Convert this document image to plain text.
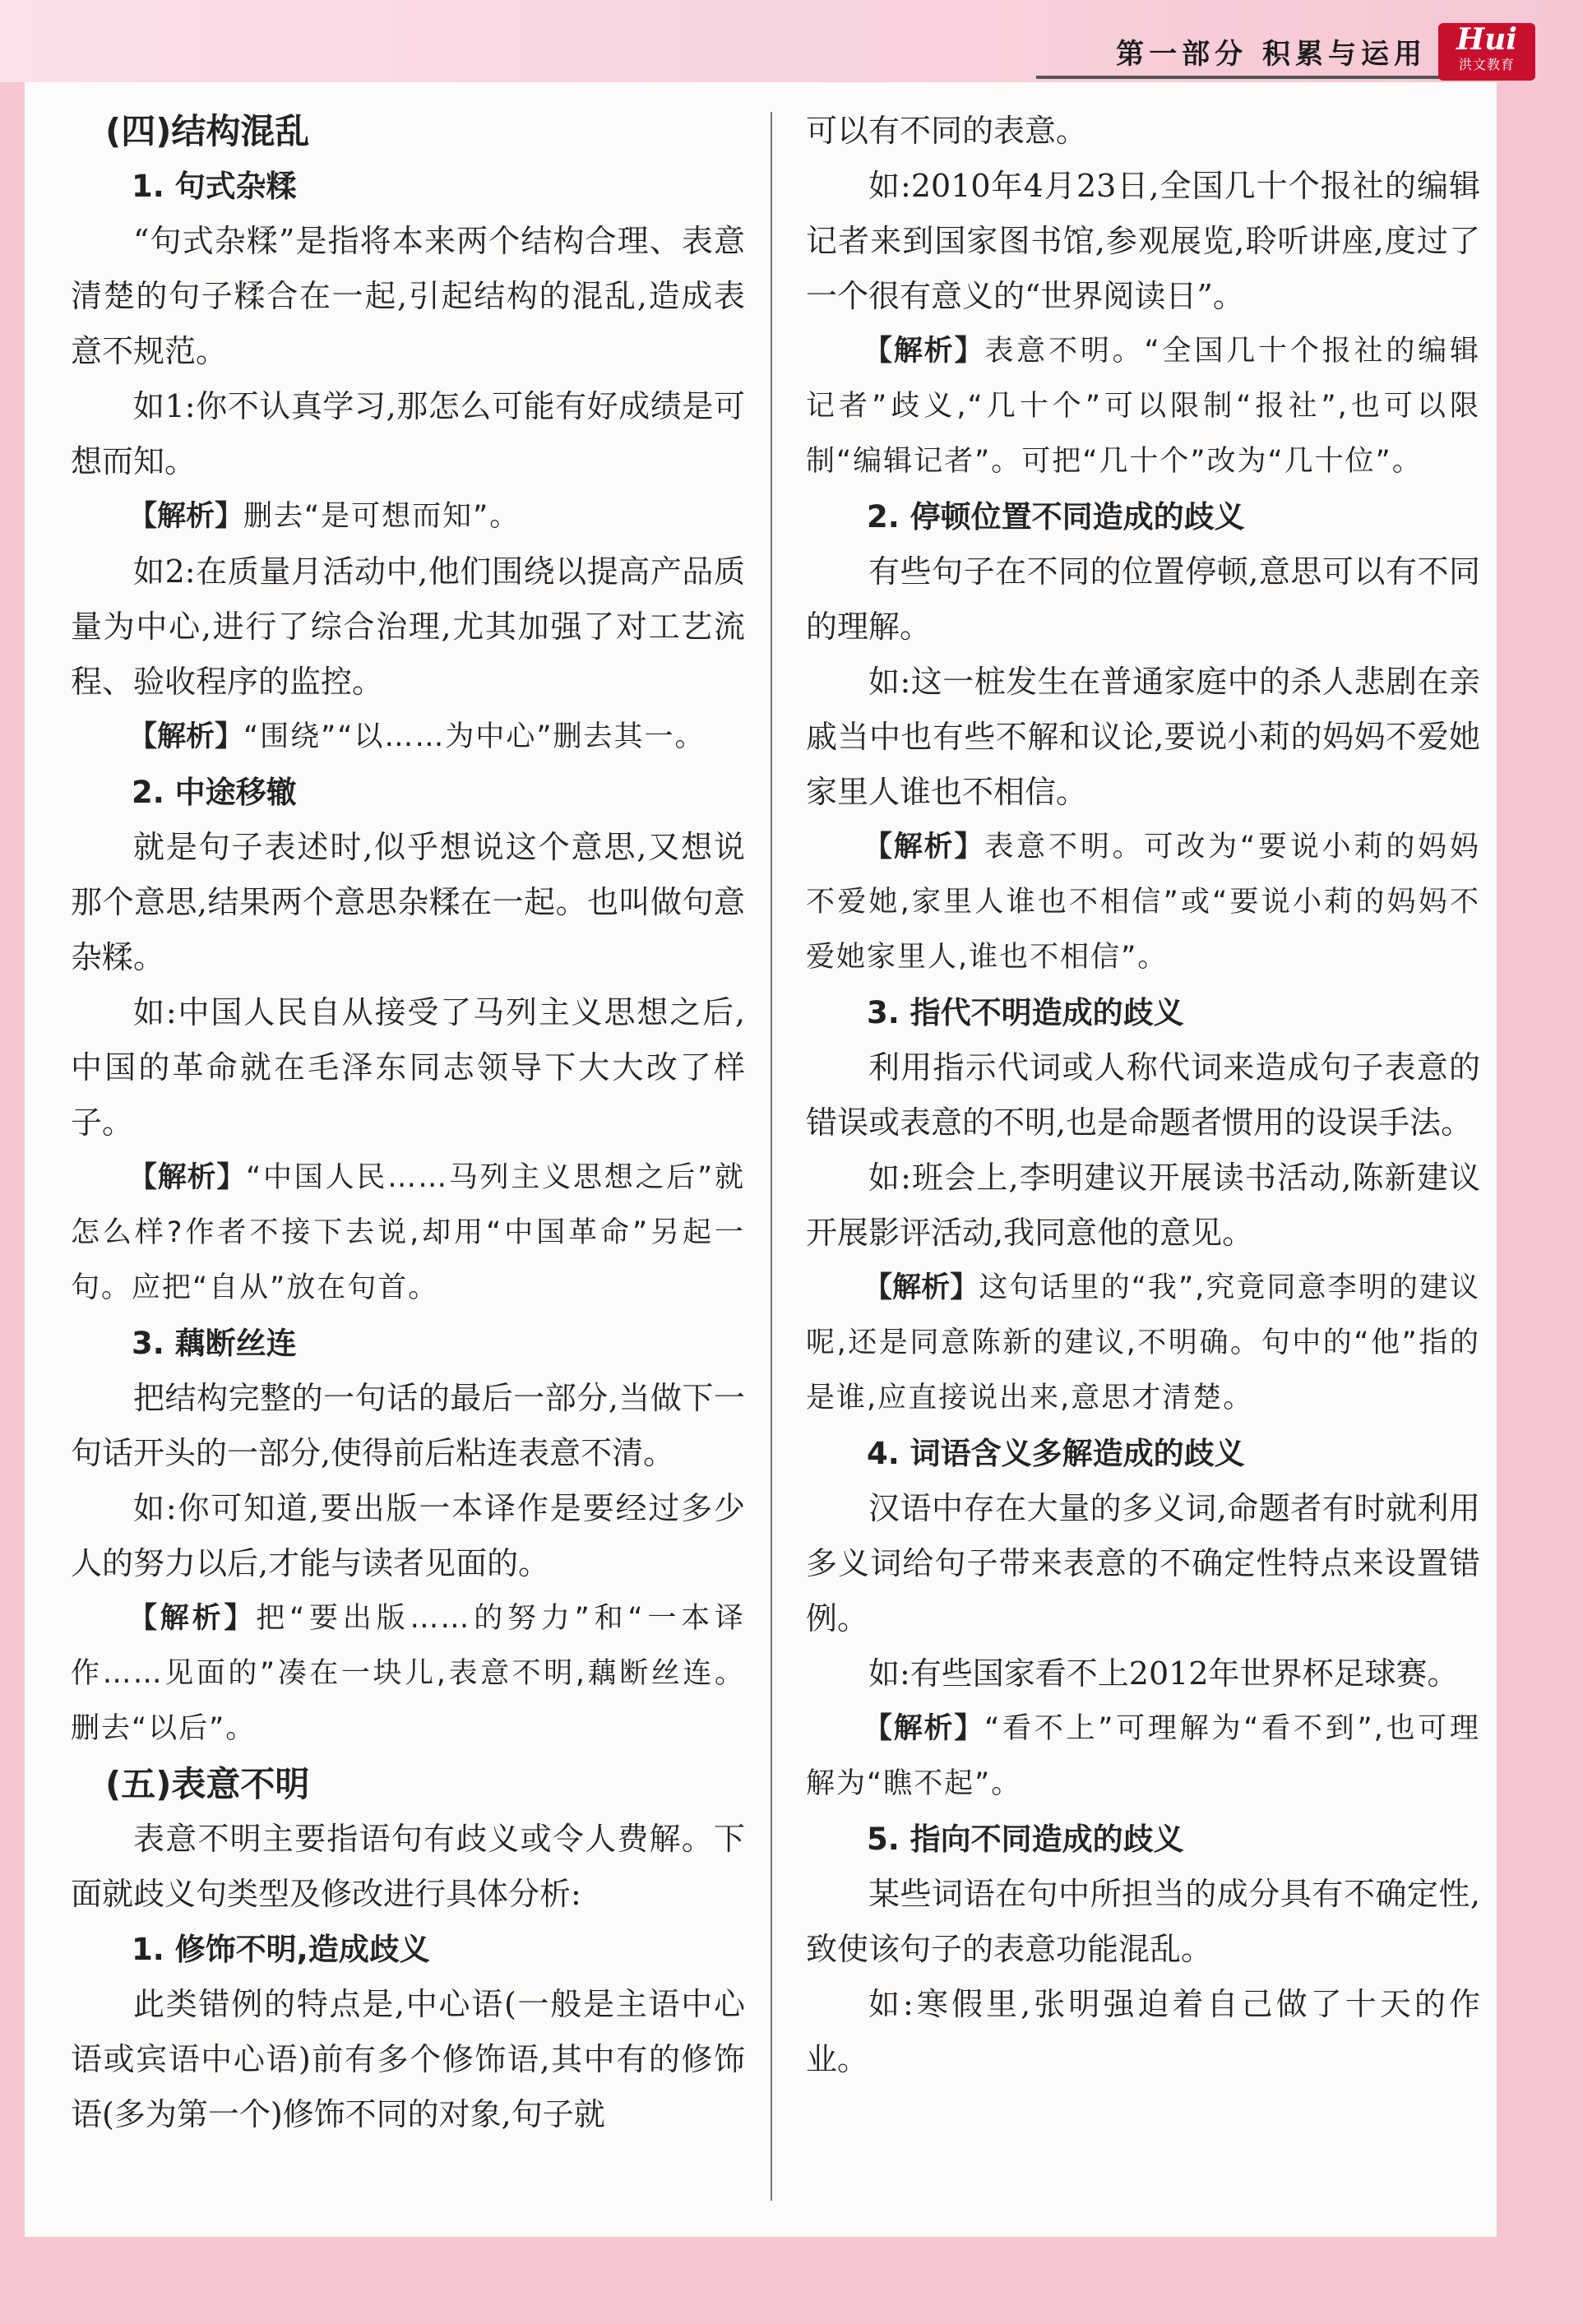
第一部分 积累与运用	Hui
洪文教育
(四)结构混乱
1. 句式杂糅

“句式杂糅”是指将本来两个结构合理、表意清楚的句子糅合在一起,引起结构的混乱,造成表意不规范。

如1:你不认真学习,那怎么可能有好成绩是可想而知。

【解析】删去“是可想而知”。

如2:在质量月活动中,他们围绕以提高产品质量为中心,进行了综合治理,尤其加强了对工艺流程、验收程序的监控。

【解析】“围绕”“以……为中心”删去其一。

2. 中途移辙

就是句子表述时,似乎想说这个意思,又想说那个意思,结果两个意思杂糅在一起。也叫做句意杂糅。

如:中国人民自从接受了马列主义思想之后,中国的革命就在毛泽东同志领导下大大改了样子。

【解析】“中国人民……马列主义思想之后”就怎么样?作者不接下去说,却用“中国革命”另起一句。应把“自从”放在句首。

3. 藕断丝连

把结构完整的一句话的最后一部分,当做下一句话开头的一部分,使得前后粘连表意不清。

如:你可知道,要出版一本译作是要经过多少人的努力以后,才能与读者见面的。

【解析】把“要出版……的努力”和“一本译作……见面的”凑在一块儿,表意不明,藕断丝连。删去“以后”。

(五)表意不明

表意不明主要指语句有歧义或令人费解。下面就歧义句类型及修改进行具体分析:

1. 修饰不明,造成歧义

此类错例的特点是,中心语(一般是主语中心语或宾语中心语)前有多个修饰语,其中有的修饰语(多为第一个)修饰不同的对象,句子就

可以有不同的表意。

如:2010年4月23日,全国几十个报社的编辑记者来到国家图书馆,参观展览,聆听讲座,度过了一个很有意义的“世界阅读日”。

【解析】表意不明。“全国几十个报社的编辑记者”歧义,“几十个”可以限制“报社”,也可以限制“编辑记者”。可把“几十个”改为“几十位”。

2. 停顿位置不同造成的歧义

有些句子在不同的位置停顿,意思可以有不同的理解。

如:这一桩发生在普通家庭中的杀人悲剧在亲戚当中也有些不解和议论,要说小莉的妈妈不爱她家里人谁也不相信。

【解析】表意不明。可改为“要说小莉的妈妈不爱她,家里人谁也不相信”或“要说小莉的妈妈不爱她家里人,谁也不相信”。

3. 指代不明造成的歧义

利用指示代词或人称代词来造成句子表意的错误或表意的不明,也是命题者惯用的设误手法。

如:班会上,李明建议开展读书活动,陈新建议开展影评活动,我同意他的意见。

【解析】这句话里的“我”,究竟同意李明的建议呢,还是同意陈新的建议,不明确。句中的“他”指的是谁,应直接说出来,意思才清楚。

4. 词语含义多解造成的歧义

汉语中存在大量的多义词,命题者有时就利用多义词给句子带来表意的不确定性特点来设置错例。

如:有些国家看不上2012年世界杯足球赛。

【解析】“看不上”可理解为“看不到”,也可理解为“瞧不起”。

5. 指向不同造成的歧义

某些词语在句中所担当的成分具有不确定性,致使该句子的表意功能混乱。

如:寒假里,张明强迫着自己做了十天的作业。
